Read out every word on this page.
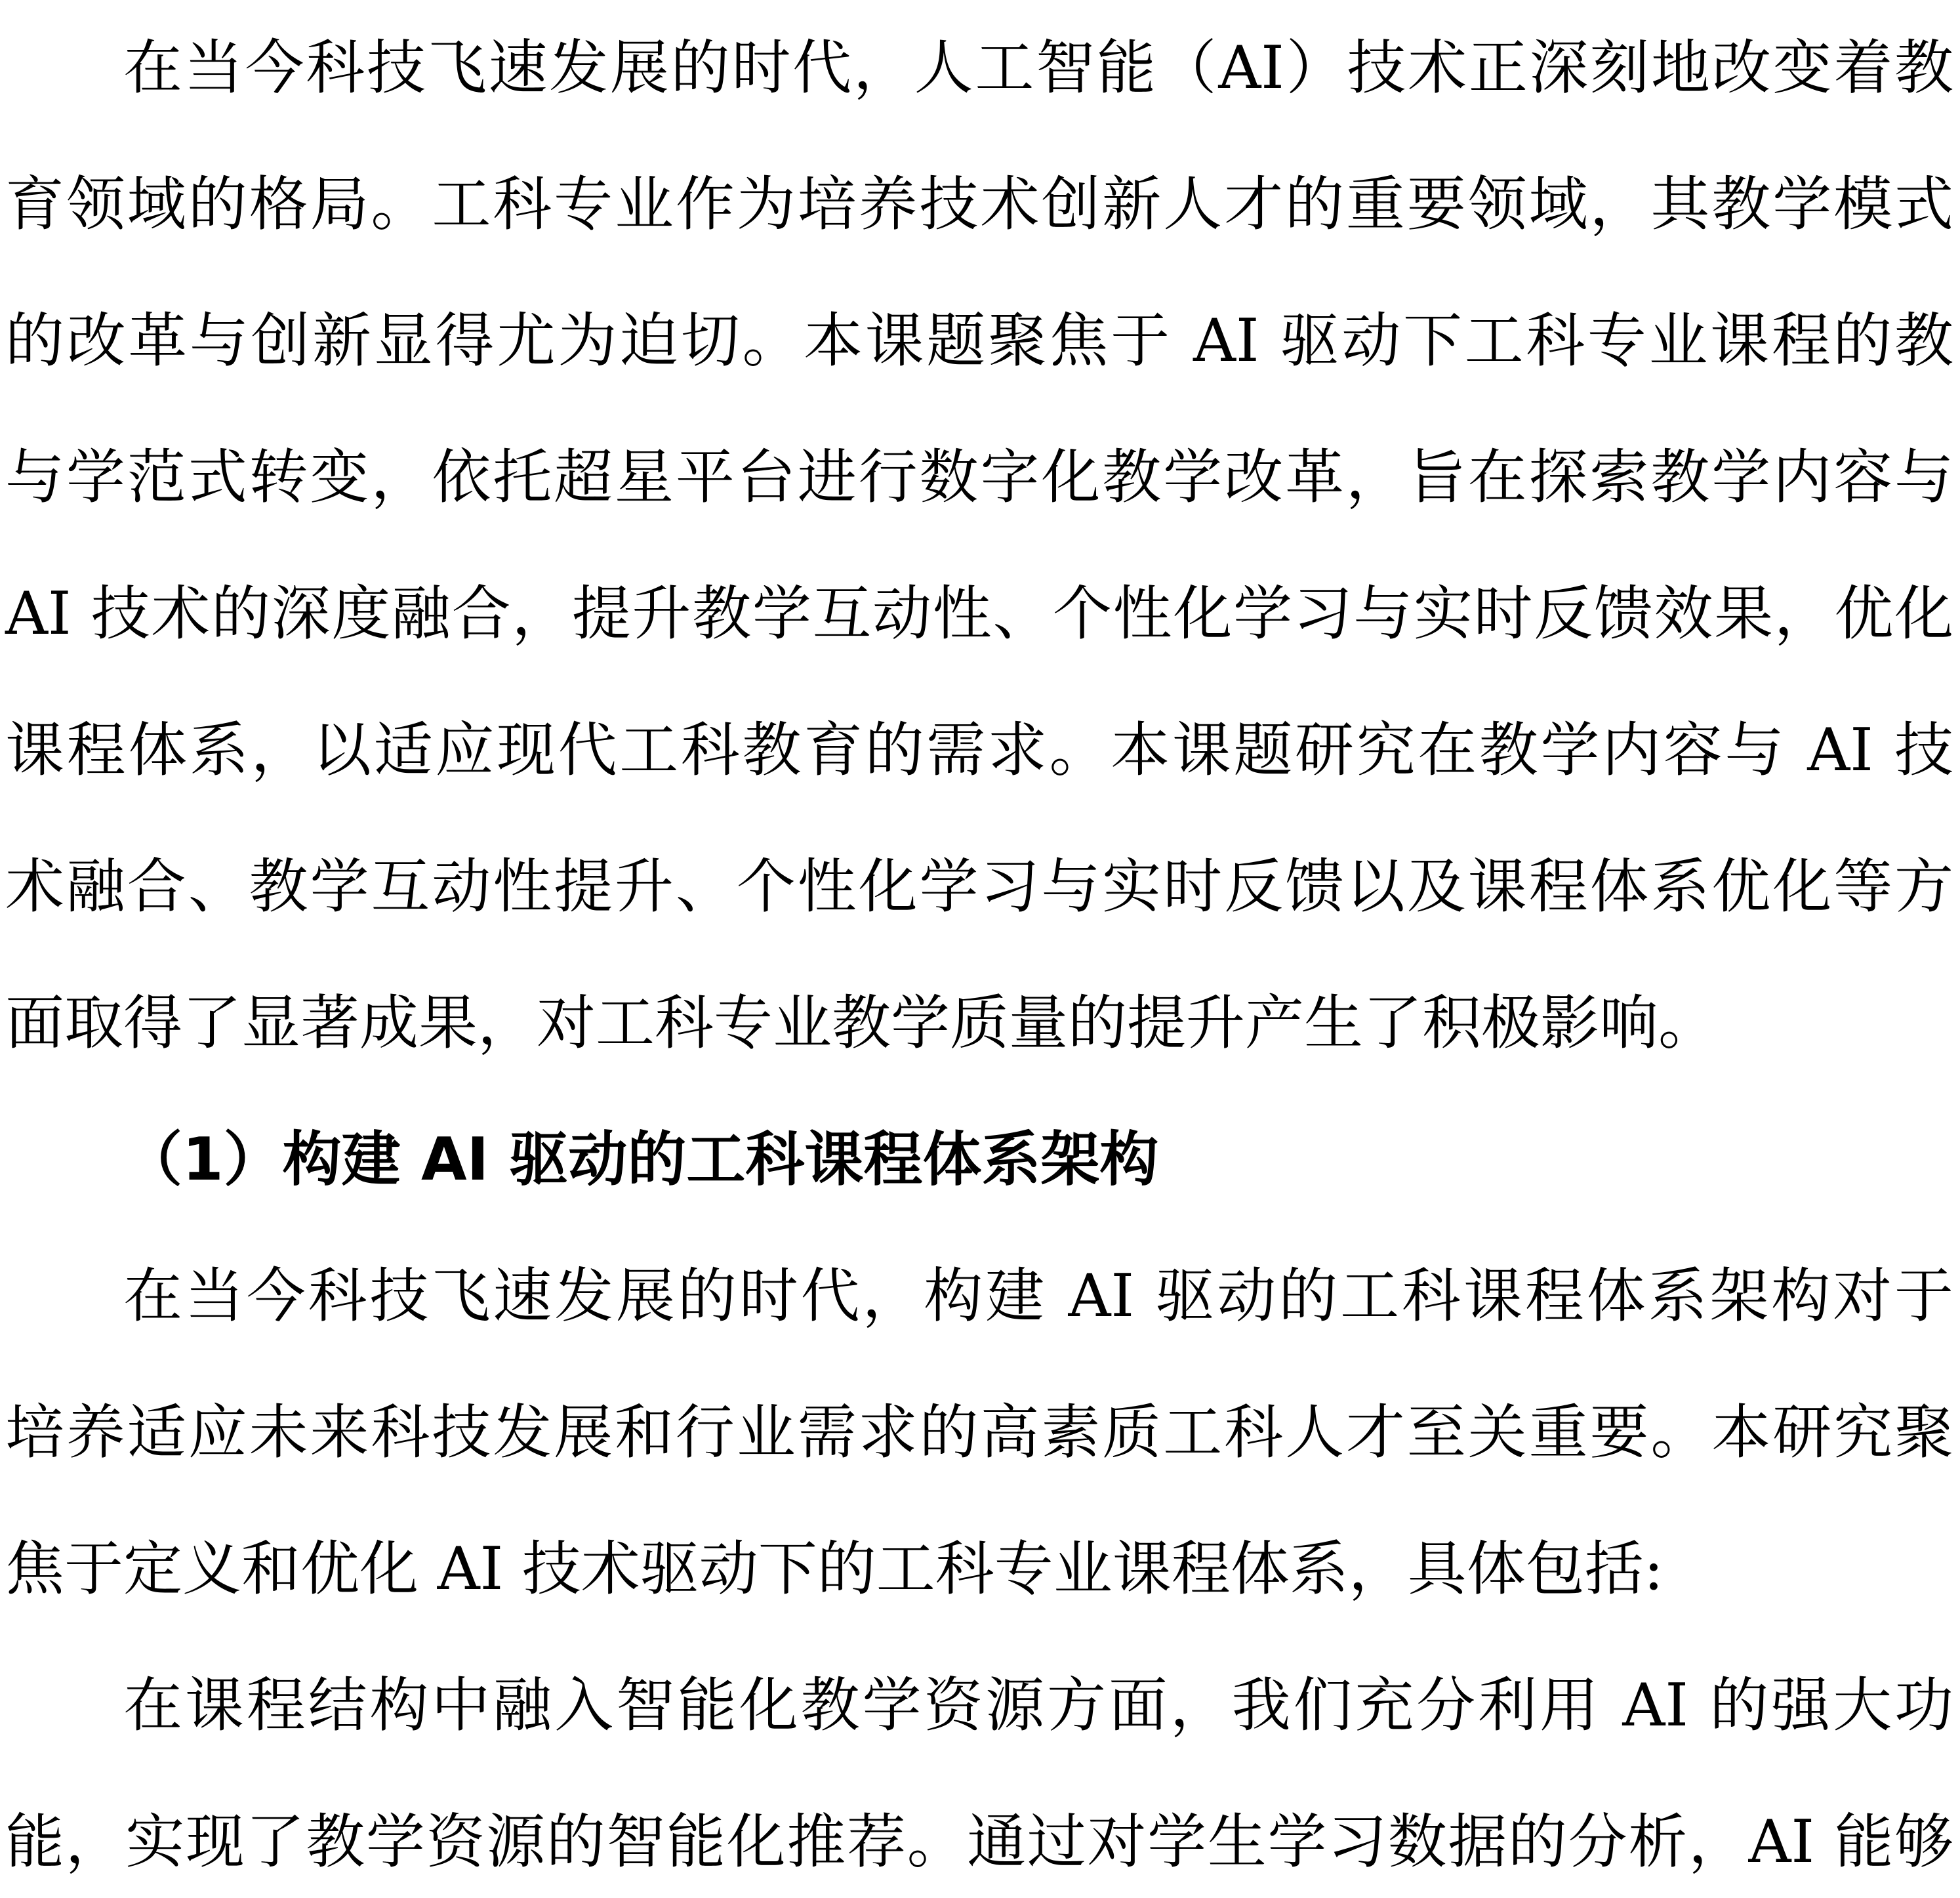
在当今科技飞速发展的时代，人工智能（AI）技术正深刻地改变着教
育领域的格局。工科专业作为培养技术创新人才的重要领域，其教学模式
的改革与创新显得尤为迫切。本课题聚焦于 AI 驱动下工科专业课程的教
与学范式转变，依托超星平台进行数字化教学改革，旨在探索教学内容与
AI 技术的深度融合，提升教学互动性、个性化学习与实时反馈效果，优化
课程体系，以适应现代工科教育的需求。本课题研究在教学内容与 AI 技
术融合、教学互动性提升、个性化学习与实时反馈以及课程体系优化等方
面取得了显著成果，对工科专业教学质量的提升产生了积极影响。
（1）构建 AI 驱动的工科课程体系架构
在当今科技飞速发展的时代，构建 AI 驱动的工科课程体系架构对于
培养适应未来科技发展和行业需求的高素质工科人才至关重要。本研究聚
焦于定义和优化 AI 技术驱动下的工科专业课程体系，具体包括:
在课程结构中融入智能化教学资源方面，我们充分利用 AI 的强大功
能，实现了教学资源的智能化推荐。通过对学生学习数据的分析，AI 能够
